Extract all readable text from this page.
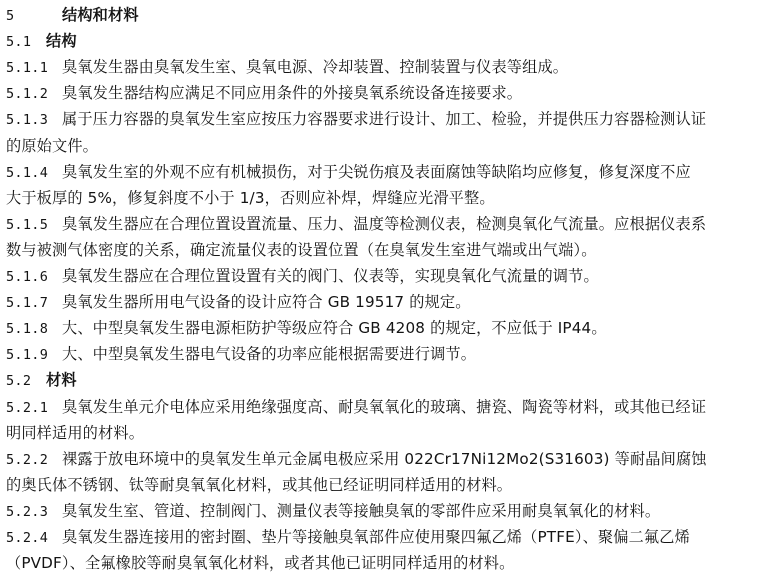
5	结构和材料
5.1 结构
5.1.1 臭氧发生器由臭氧发生室、臭氧电源、冷却装置、控制装置与仪表等组成。
5.1.2 臭氧发生器结构应满足不同应用条件的外接臭氧系统设备连接要求。
5.1.3 属于压力容器的臭氧发生室应按压力容器要求进行设计、加工、检验，并提供压力容器检测认证
的原始文件。
5.1.4 臭氧发生室的外观不应有机械损伤，对于尖锐伤痕及表面腐蚀等缺陷均应修复，修复深度不应
大于板厚的 5%，修复斜度不小于 1/3，否则应补焊，焊缝应光滑平整。
5.1.5 臭氧发生器应在合理位置设置流量、压力、温度等检测仪表，检测臭氧化气流量。应根据仪表系
数与被测气体密度的关系，确定流量仪表的设置位置（在臭氧发生室进气端或出气端）。
5.1.6 臭氧发生器应在合理位置设置有关的阀门、仪表等，实现臭氧化气流量的调节。
5.1.7 臭氧发生器所用电气设备的设计应符合 GB 19517 的规定。
5.1.8 大、中型臭氧发生器电源柜防护等级应符合 GB 4208 的规定，不应低于 IP44。
5.1.9 大、中型臭氧发生器电气设备的功率应能根据需要进行调节。
5.2 材料
5.2.1 臭氧发生单元介电体应采用绝缘强度高、耐臭氧氧化的玻璃、搪瓷、陶瓷等材料，或其他已经证
明同样适用的材料。
5.2.2 裸露于放电环境中的臭氧发生单元金属电极应采用 022Cr17Ni12Mo2(S31603) 等耐晶间腐蚀
的奥氏体不锈钢、钛等耐臭氧氧化材料，或其他已经证明同样适用的材料。
5.2.3 臭氧发生室、管道、控制阀门、测量仪表等接触臭氧的零部件应采用耐臭氧氧化的材料。
5.2.4 臭氧发生器连接用的密封圈、垫片等接触臭氧部件应使用聚四氟乙烯（PTFE）、聚偏二氟乙烯
（PVDF）、全氟橡胶等耐臭氧氧化材料，或者其他已证明同样适用的材料。
